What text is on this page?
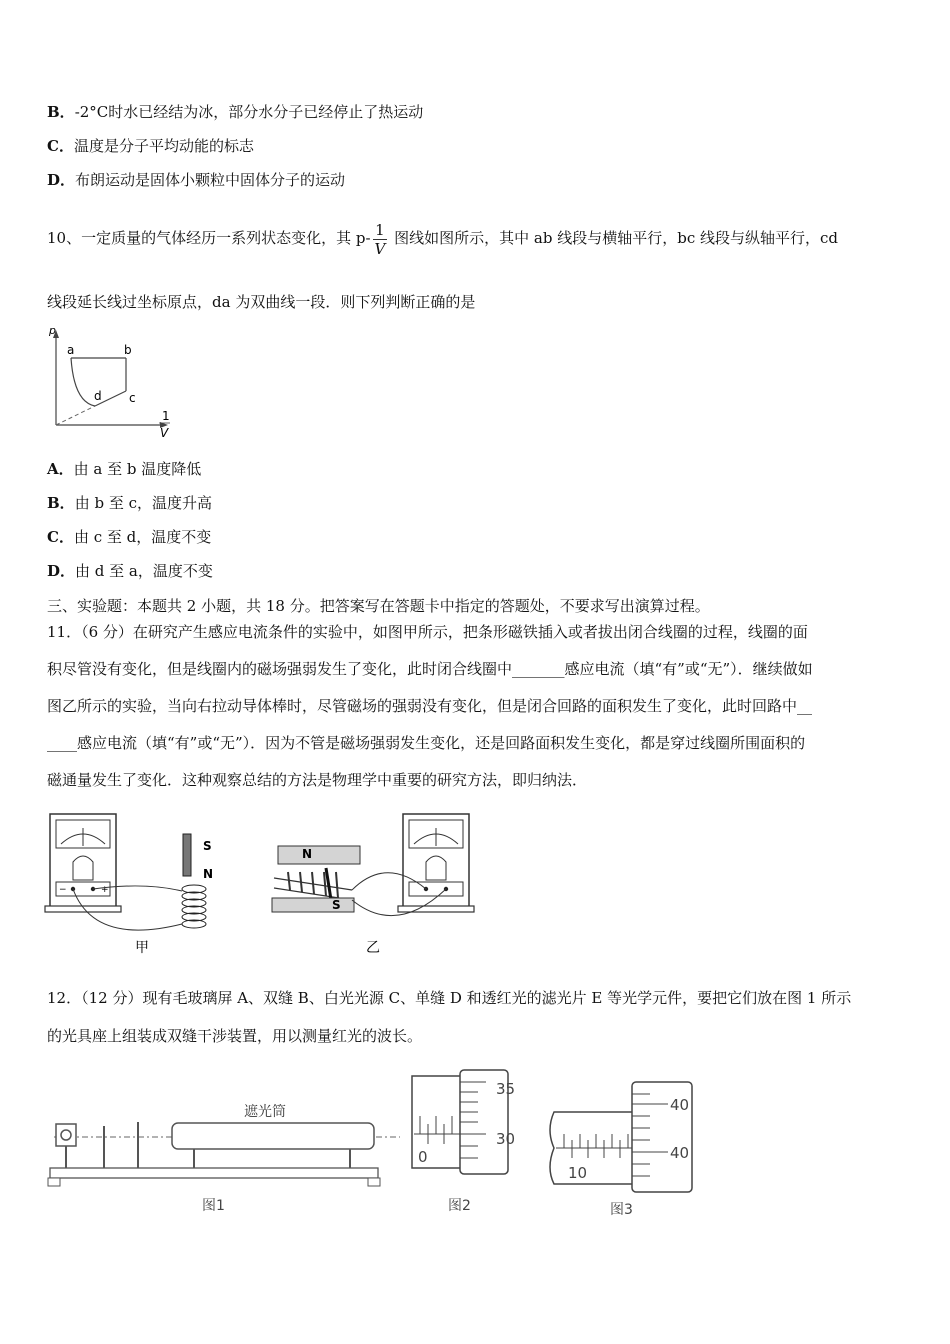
B．-2°C时水已经结为冰，部分水分子已经停止了热运动
C．温度是分子平均动能的标志
D．布朗运动是固体小颗粒中固体分子的运动
10、一定质量的气体经历一系列状态变化，其 $p- \frac{1}{V}$ 图线如图所示，其中 ab 线段与横轴平行，bc 线段与纵轴平行，cd
线段延长线过坐标原点，da 为双曲线一段．则下列判断正确的是
p
1
V
a	b
c
d
A．由 a 至 b 温度降低
B．由 b 至 c，温度升高
C．由 c 至 d，温度不变
D．由 d 至 a，温度不变
三、实验题：本题共 2 小题，共 18 分。把答案写在答题卡中指定的答题处，不要求写出演算过程。
11．（6 分）在研究产生感应电流条件的实验中，如图甲所示，把条形磁铁插入或者拔出闭合线圈的过程，线圈的面
积尽管没有变化，但是线圈内的磁场强弱发生了变化，此时闭合线圈中_______感应电流（填“有”或“无”）．继续做如
图乙所示的实验，当向右拉动导体棒时，尽管磁场的强弱没有变化，但是闭合回路的面积发生了变化，此时回路中__
____感应电流（填“有”或“无”）．因为不管是磁场强弱发生变化，还是回路面积发生变化，都是穿过线圈所围面积的
磁通量发生了变化．这种观察总结的方法是物理学中重要的研究方法，即归纳法．
−	+
S
N
甲
N
S
乙
12．（12 分）现有毛玻璃屏 A、双缝 B、白光光源 C、单缝 D 和透红光的滤光片 E 等光学元件，要把它们放在图 1 所示
的光具座上组装成双缝干涉装置，用以测量红光的波长。
遮光筒
图1
0
35
30
图2
10
40
40
图3
